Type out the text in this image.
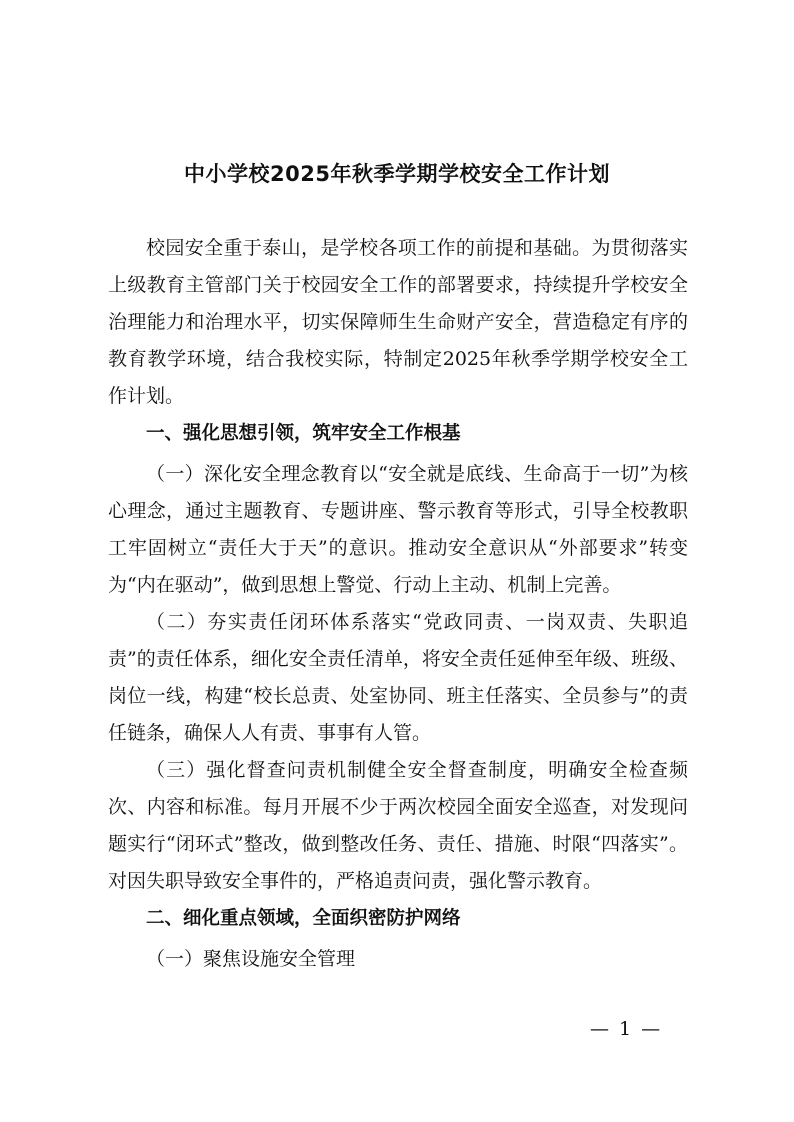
中小学校2025年秋季学期学校安全工作计划

校园安全重于泰山，是学校各项工作的前提和基础。为贯彻落实上级教育主管部门关于校园安全工作的部署要求，持续提升学校安全治理能力和治理水平，切实保障师生生命财产安全，营造稳定有序的教育教学环境，结合我校实际，特制定2025年秋季学期学校安全工作计划。

一、强化思想引领，筑牢安全工作根基

（一）深化安全理念教育以“安全就是底线、生命高于一切”为核心理念，通过主题教育、专题讲座、警示教育等形式，引导全校教职工牢固树立“责任大于天”的意识。推动安全意识从“外部要求”转变为“内在驱动”，做到思想上警觉、行动上主动、机制上完善。

（二）夯实责任闭环体系落实“党政同责、一岗双责、失职追责”的责任体系，细化安全责任清单，将安全责任延伸至年级、班级、岗位一线，构建“校长总责、处室协同、班主任落实、全员参与”的责任链条，确保人人有责、事事有人管。

（三）强化督查问责机制健全安全督查制度，明确安全检查频次、内容和标准。每月开展不少于两次校园全面安全巡查，对发现问题实行“闭环式”整改，做到整改任务、责任、措施、时限“四落实”。对因失职导致安全事件的，严格追责问责，强化警示教育。

二、细化重点领域，全面织密防护网络

（一）聚焦设施安全管理

— 1 —
